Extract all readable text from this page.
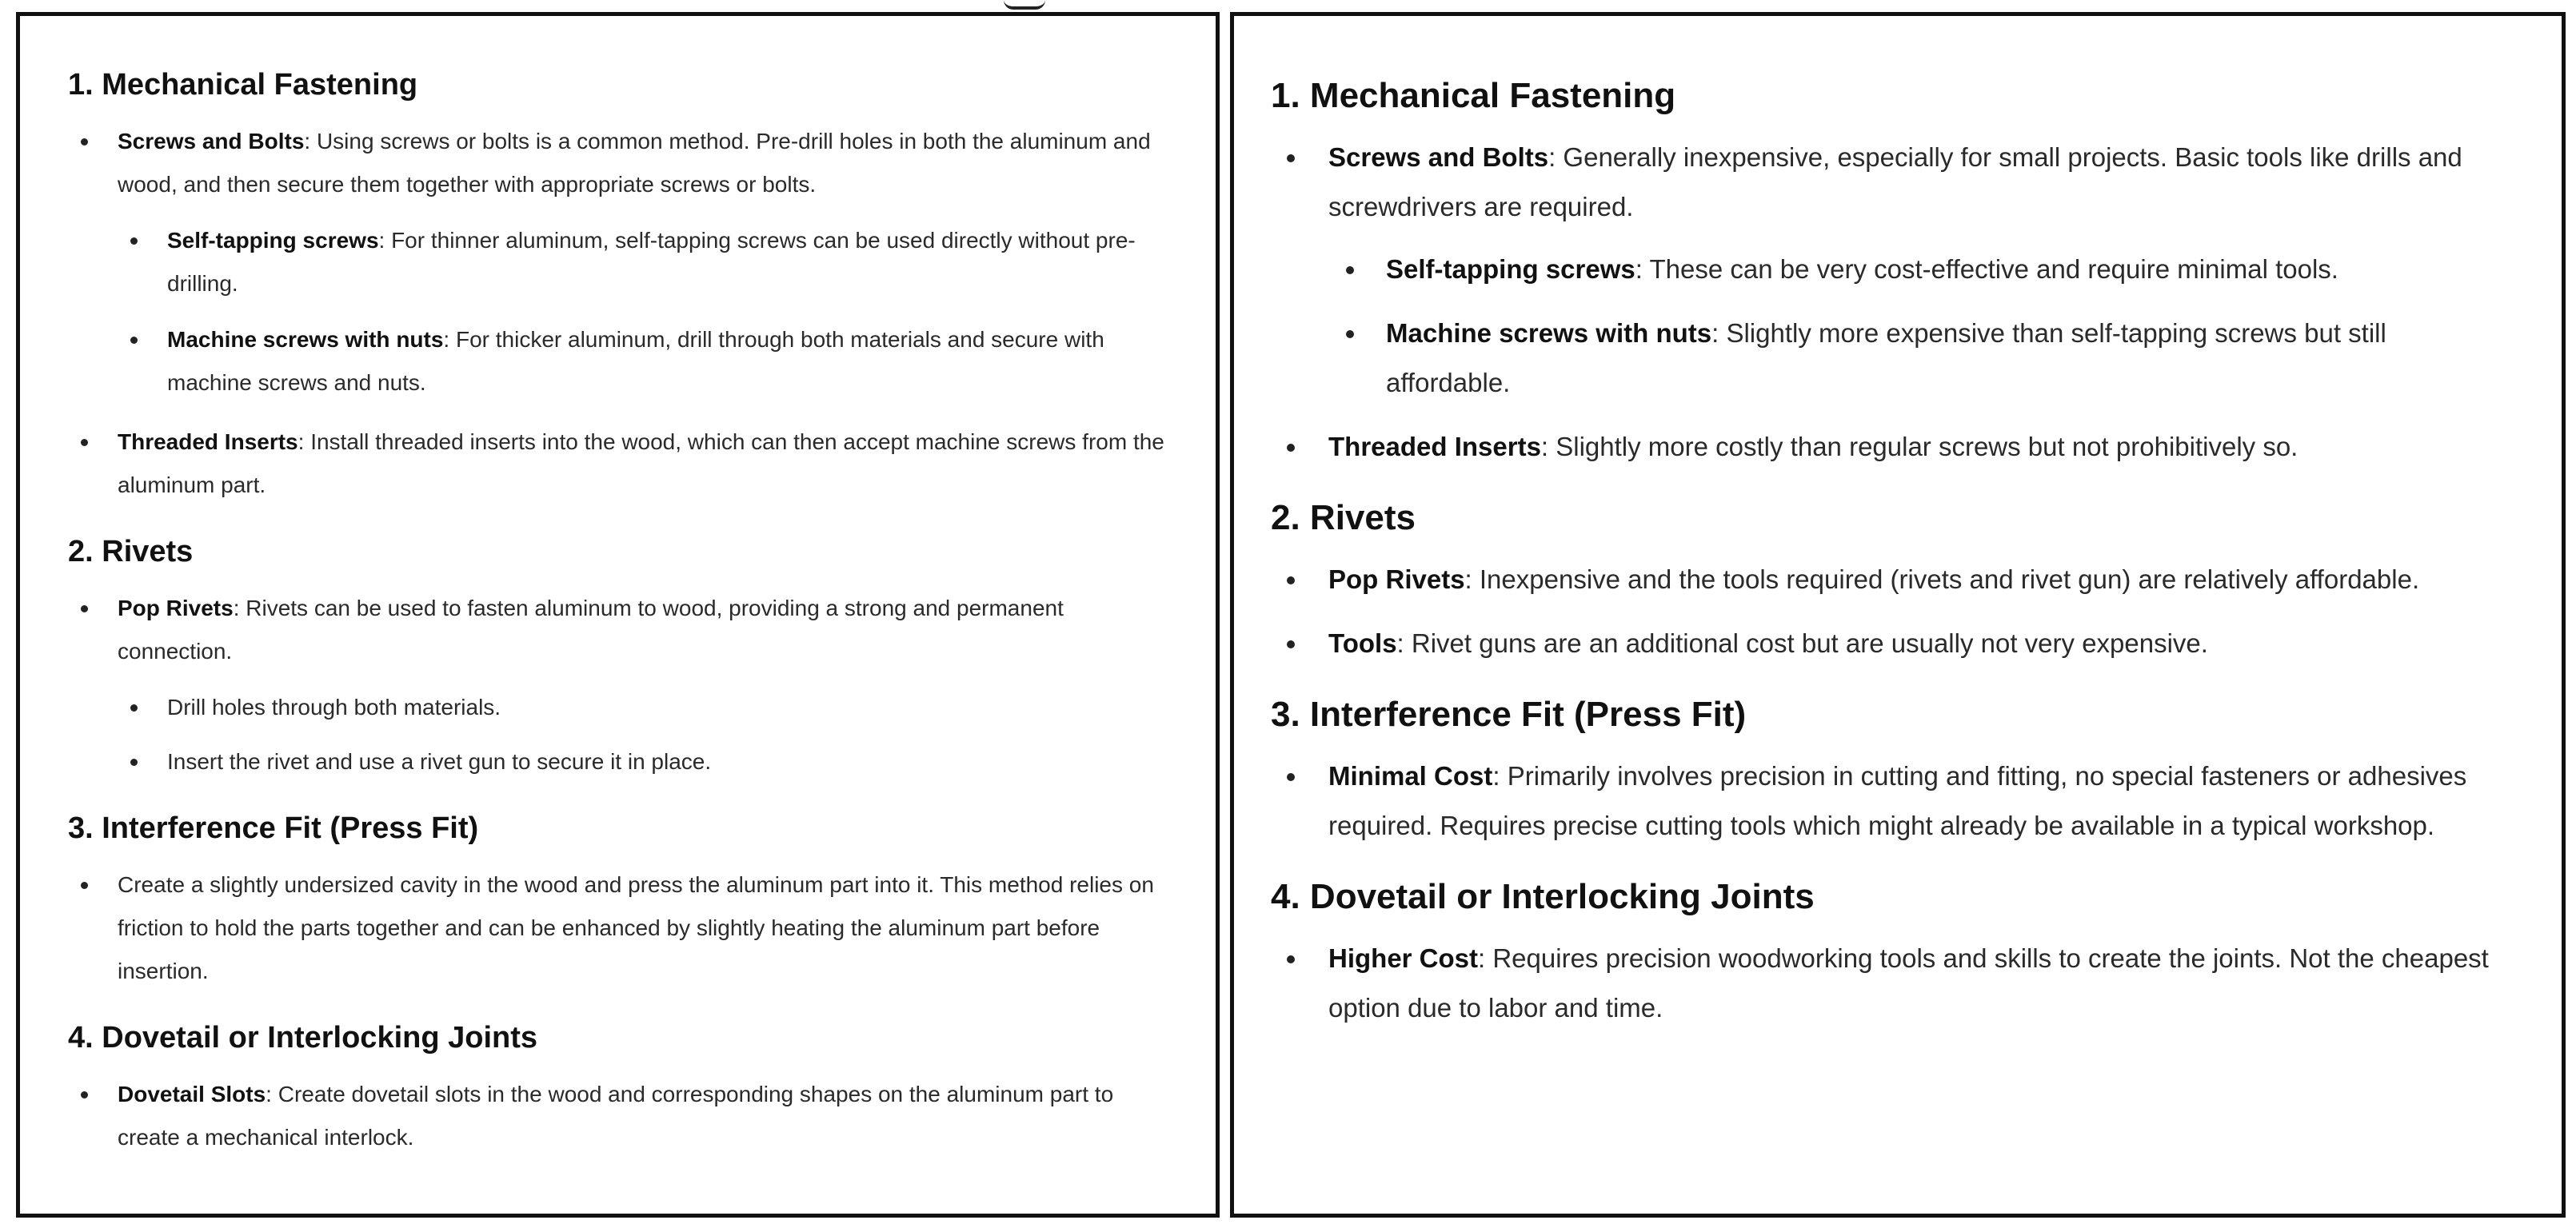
1. Mechanical Fastening
Screws and Bolts: Using screws or bolts is a common method. Pre-drill holes in both the aluminum and wood, and then secure them together with appropriate screws or bolts.
Self-tapping screws: For thinner aluminum, self-tapping screws can be used directly without pre-drilling.
Machine screws with nuts: For thicker aluminum, drill through both materials and secure with machine screws and nuts.
Threaded Inserts: Install threaded inserts into the wood, which can then accept machine screws from the aluminum part.
2. Rivets
Pop Rivets: Rivets can be used to fasten aluminum to wood, providing a strong and permanent connection.
Drill holes through both materials.
Insert the rivet and use a rivet gun to secure it in place.
3. Interference Fit (Press Fit)
Create a slightly undersized cavity in the wood and press the aluminum part into it. This method relies on friction to hold the parts together and can be enhanced by slightly heating the aluminum part before insertion.
4. Dovetail or Interlocking Joints
Dovetail Slots: Create dovetail slots in the wood and corresponding shapes on the aluminum part to create a mechanical interlock.
1. Mechanical Fastening
Screws and Bolts: Generally inexpensive, especially for small projects. Basic tools like drills and screwdrivers are required.
Self-tapping screws: These can be very cost-effective and require minimal tools.
Machine screws with nuts: Slightly more expensive than self-tapping screws but still affordable.
Threaded Inserts: Slightly more costly than regular screws but not prohibitively so.
2. Rivets
Pop Rivets: Inexpensive and the tools required (rivets and rivet gun) are relatively affordable.
Tools: Rivet guns are an additional cost but are usually not very expensive.
3. Interference Fit (Press Fit)
Minimal Cost: Primarily involves precision in cutting and fitting, no special fasteners or adhesives required. Requires precise cutting tools which might already be available in a typical workshop.
4. Dovetail or Interlocking Joints
Higher Cost: Requires precision woodworking tools and skills to create the joints. Not the cheapest option due to labor and time.
